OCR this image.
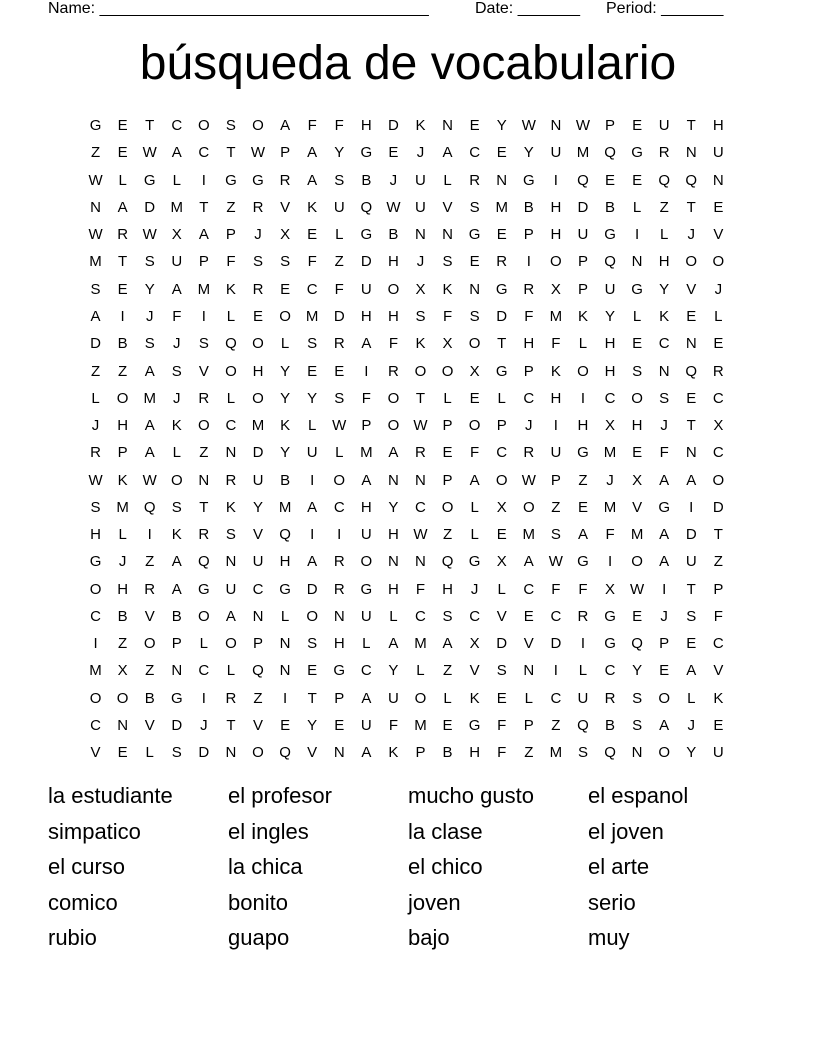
Name: _____________________________________	Date: _______ Period: _______
búsqueda de vocabulario
G	E	T	C	O	S	O	A	F	F	H	D	K	N	E	Y W N W P	E	U	T	H
Z	E W A	C	T	W P	A	Y	G	E	J	A	C	E	Y	U	M	Q	G	R	N	U
W	L	G	L	I	G	G	R	A	S	B	J	U	L	R	N	G	I	Q	E	E	Q	Q	N
N	A	D	M	T	Z	R	V	K	U	Q W U	V	S	M	B	H	D	B	L	Z	T	E
W R W X	A	P	J	X	E	L	G	B	N	N	G	E	P	H	U	G	I	L	J	V
M	T	S	U	P	F	S	S	F	Z	D	H	J	S	E	R	I	O	P	Q	N	H	O	O
S	E	Y	A	M	K	R	E	C	F	U	O	X	K	N	G	R	X	P	U	G	Y	V	J
A	I	J	F	I	L	E	O M	D	H	H	S	F	S	D	F	M	K	Y	L	K	E	L
D	B	S	J	S	Q	O	L	S	R	A	F	K	X	O	T	H	F	L	H	E	C	N	E
Z	Z	A	S	V	O	H	Y	E	E	I	R	O	O	X	G	P	K	O	H	S	N	Q	R
L	O M	J	R	L	O	Y	Y	S	F	O	T	L	E	L	C	H	I	C	O	S	E	C
J	H	A	K	O	C	M	K	L	W P	O W P	O	P	J	I	H	X	H	J	T	X
R	P	A	L	Z	N	D	Y	U	L	M	A	R	E	F	C	R	U	G M	E	F	N	C
W K W O	N	R	U	B	I	O	A	N	N	P	A	O W P	Z	J	X	A	A	O
S	M	Q	S	T	K	Y	M	A	C	H	Y	C	O	L	X	O	Z	E	M	V	G	I	D
H	L	I	K	R	S	V	Q	I	I	U	H W	Z	L	E	M	S	A	F	M	A	D	T
G	J	Z	A	Q	N	U	H	A	R	O	N	N	Q	G	X	A W G	I	O	A	U	Z
O	H	R	A	G	U	C	G	D	R	G	H	F	H	J	L	C	F	F	X W	I	T	P
C	B	V	B	O	A	N	L	O	N	U	L	C	S	C	V	E	C	R	G	E	J	S	F
I	Z	O	P	L	O	P	N	S	H	L	A	M	A	X	D	V	D	I	G	Q	P	E	C
M	X	Z	N	C	L	Q	N	E	G	C	Y	L	Z	V	S	N	I	L	C	Y	E	A	V
O	O	B	G	I	R	Z	I	T	P	A	U	O	L	K	E	L	C	U	R	S	O	L	K
C	N	V	D	J	T	V	E	Y	E	U	F	M	E	G	F	P	Z	Q	B	S	A	J	E
V	E	L	S	D	N	O	Q	V	N	A	K	P	B	H	F	Z	M	S	Q	N	O	Y	U
la estudiante	el profesor	mucho gusto	el espanol
simpatico	el ingles	la clase	el joven
el curso	la chica	el chico	el arte
comico	bonito	joven	serio
rubio	guapo	bajo	muy
